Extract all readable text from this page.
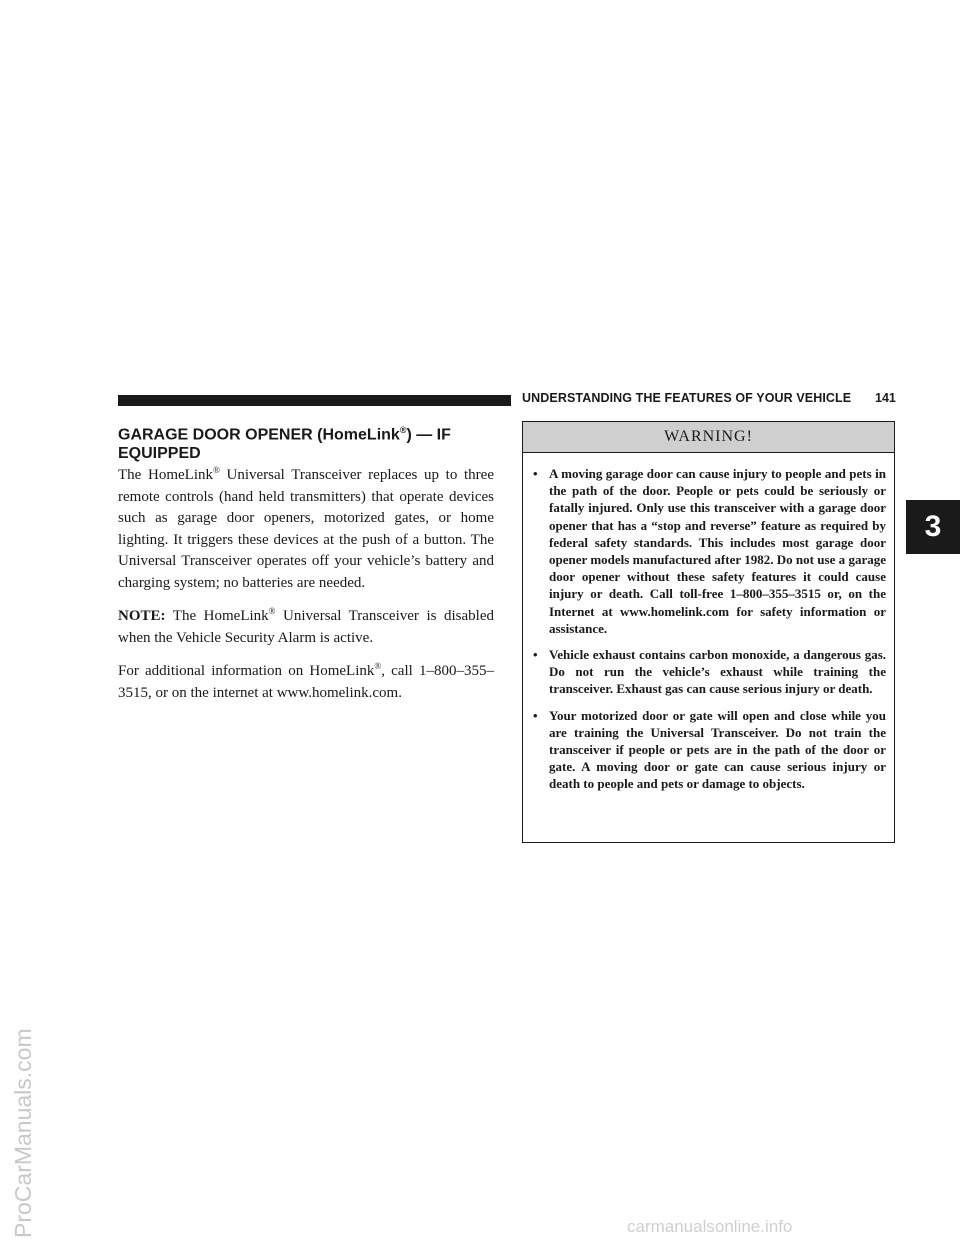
UNDERSTANDING THE FEATURES OF YOUR VEHICLE 141
3
ProCarManuals.com	carmanualsonline.info
GARAGE DOOR OPENER (HomeLink®) — IF EQUIPPED

The HomeLink® Universal Transceiver replaces up to three remote controls (hand held transmitters) that operate devices such as garage door openers, motorized gates, or home lighting. It triggers these devices at the push of a button. The Universal Transceiver operates off your vehicle’s battery and charging system; no batteries are needed.

NOTE: The HomeLink® Universal Transceiver is disabled when the Vehicle Security Alarm is active.

For additional information on HomeLink®, call 1–800–355–3515, or on the internet at www.homelink.com.

WARNING!
• A moving garage door can cause injury to people and pets in the path of the door. People or pets could be seriously or fatally injured. Only use this transceiver with a garage door opener that has a “stop and reverse” feature as required by federal safety standards. This includes most garage door opener models manufactured after 1982. Do not use a garage door opener without these safety features it could cause injury or death. Call toll-free 1–800–355–3515 or, on the Internet at www.homelink.com for safety information or assistance.
• Vehicle exhaust contains carbon monoxide, a dangerous gas. Do not run the vehicle’s exhaust while training the transceiver. Exhaust gas can cause serious injury or death.
• Your motorized door or gate will open and close while you are training the Universal Transceiver. Do not train the transceiver if people or pets are in the path of the door or gate. A moving door or gate can cause serious injury or death to people and pets or damage to objects.
